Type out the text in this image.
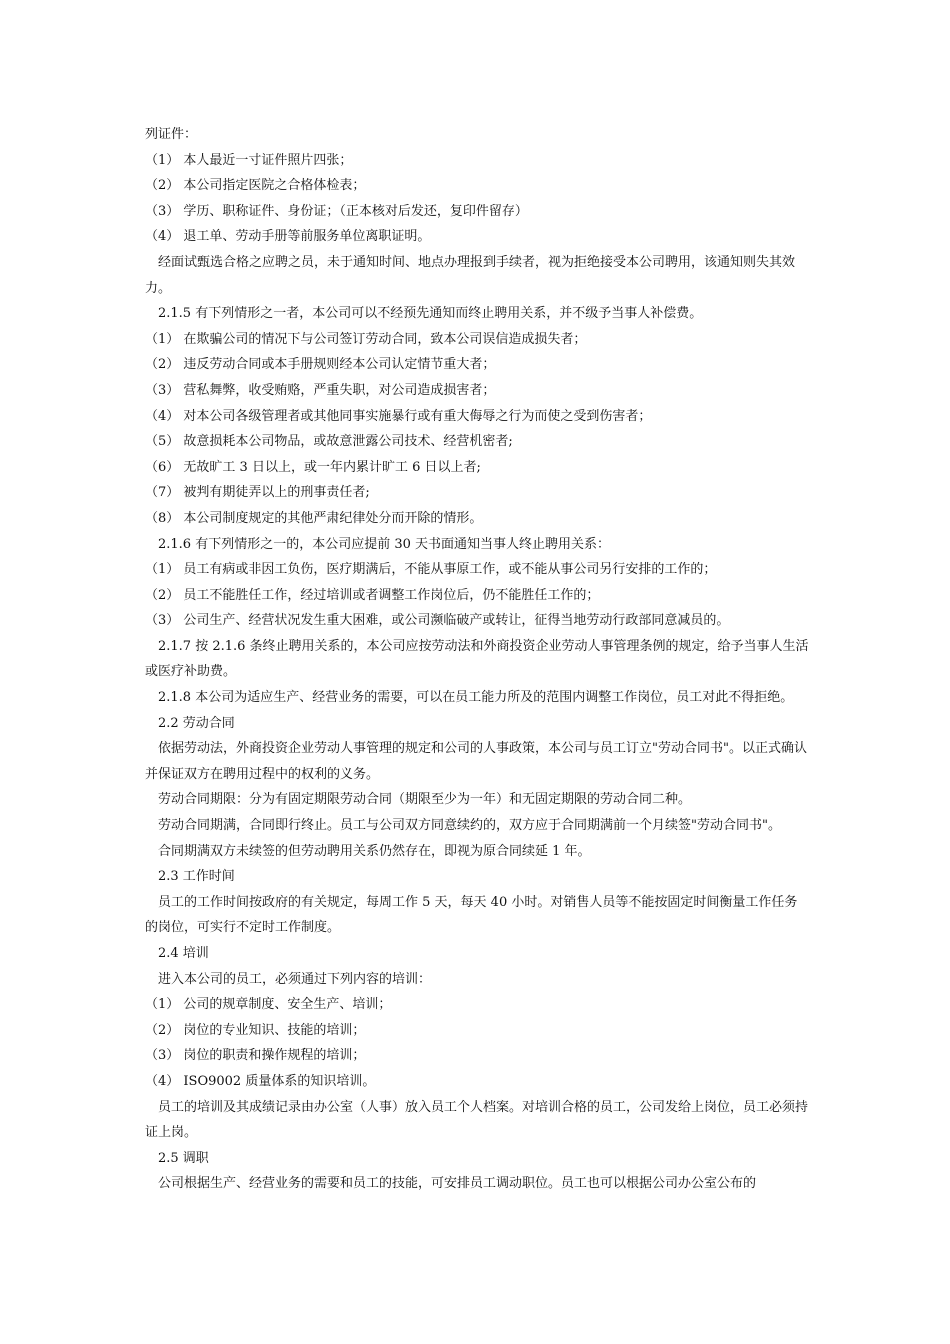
列证件：

（1） 本人最近一寸证件照片四张；

（2） 本公司指定医院之合格体检表；

（3） 学历、职称证件、身份证；（正本核对后发还，复印件留存）

（4） 退工单、劳动手册等前服务单位离职证明。

经面试甄选合格之应聘之员，未于通知时间、地点办理报到手续者，视为拒绝接受本公司聘用，该通知则失其效力。

2.1.5 有下列情形之一者，本公司可以不经预先通知而终止聘用关系，并不级予当事人补偿费。

（1） 在欺骗公司的情况下与公司签订劳动合同，致本公司误信造成损失者；

（2） 违反劳动合同或本手册规则经本公司认定情节重大者；

（3） 营私舞弊，收受贿赂，严重失职，对公司造成损害者；

（4） 对本公司各级管理者或其他同事实施暴行或有重大侮辱之行为而使之受到伤害者；

（5） 故意损耗本公司物品，或故意泄露公司技术、经营机密者;

（6） 无故旷工 3 日以上，或一年内累计旷工 6 日以上者;

（7） 被判有期徒弄以上的刑事责任者;

（8） 本公司制度规定的其他严肃纪律处分而开除的情形。

2.1.6 有下列情形之一的，本公司应提前 30 天书面通知当事人终止聘用关系：

（1） 员工有病或非因工负伤，医疗期满后，不能从事原工作，或不能从事公司另行安排的工作的；

（2） 员工不能胜任工作，经过培训或者调整工作岗位后，仍不能胜任工作的；

（3） 公司生产、经营状况发生重大困难，或公司濒临破产或转让，征得当地劳动行政部同意减员的。

2.1.7 按 2.1.6 条终止聘用关系的，本公司应按劳动法和外商投资企业劳动人事管理条例的规定，给予当事人生活或医疗补助费。

2.1.8 本公司为适应生产、经营业务的需要，可以在员工能力所及的范围内调整工作岗位，员工对此不得拒绝。

2.2 劳动合同

依据劳动法，外商投资企业劳动人事管理的规定和公司的人事政策，本公司与员工订立"劳动合同书"。以正式确认并保证双方在聘用过程中的权利的义务。

劳动合同期限：分为有固定期限劳动合同（期限至少为一年）和无固定期限的劳动合同二种。

劳动合同期满，合同即行终止。员工与公司双方同意续约的，双方应于合同期满前一个月续签"劳动合同书"。

合同期满双方未续签的但劳动聘用关系仍然存在，即视为原合同续延 1 年。

2.3 工作时间

员工的工作时间按政府的有关规定，每周工作 5 天，每天 40 小时。对销售人员等不能按固定时间衡量工作任务的岗位，可实行不定时工作制度。

2.4 培训

进入本公司的员工，必须通过下列内容的培训：

（1） 公司的规章制度、安全生产、培训；

（2） 岗位的专业知识、技能的培训；

（3） 岗位的职责和操作规程的培训；

（4） ISO9002 质量体系的知识培训。

员工的培训及其成绩记录由办公室（人事）放入员工个人档案。对培训合格的员工，公司发给上岗位，员工必须持证上岗。

2.5 调职

公司根据生产、经营业务的需要和员工的技能，可安排员工调动职位。员工也可以根据公司办公室公布的
